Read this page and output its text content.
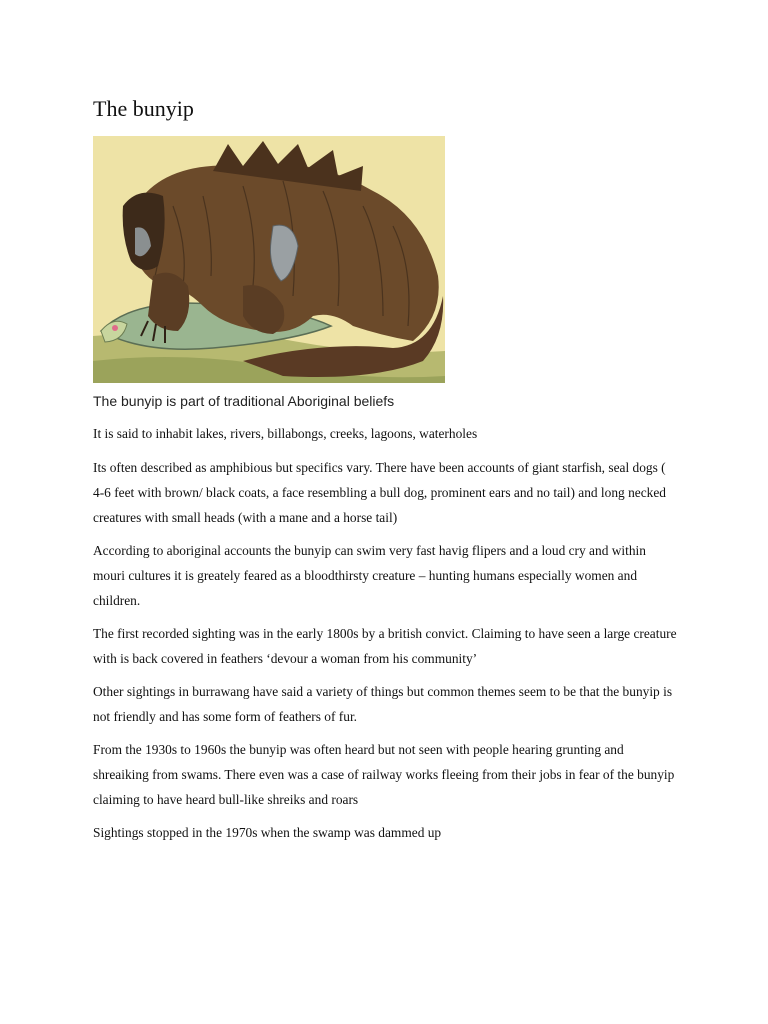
The bunyip

The bunyip is part of traditional Aboriginal beliefs

It is said to inhabit lakes, rivers, billabongs, creeks, lagoons, waterholes

Its often described as amphibious but specifics vary. There have been accounts of giant starfish, seal dogs ( 4-6 feet with brown/ black coats, a face resembling a bull dog, prominent ears and no tail) and long necked creatures with small heads (with a mane and a horse tail)

According to aboriginal accounts the bunyip can swim very fast havig flipers and a loud cry and within mouri cultures it is greately feared as a bloodthirsty creature – hunting humans especially women and children.

The first recorded sighting was in the early 1800s by a british convict. Claiming to have seen a large creature with is back covered in feathers ‘devour a woman from his community’

Other sightings in burrawang have said a variety of things but common themes seem to be that the bunyip is not friendly and has some form of feathers of fur.

From the 1930s to 1960s the bunyip was often heard but not seen with people hearing grunting and shreaiking from swams. There even was a case of railway works fleeing from their jobs in fear of the bunyip claiming to have heard bull-like shreiks and roars

Sightings stopped in the 1970s when the swamp was dammed up
